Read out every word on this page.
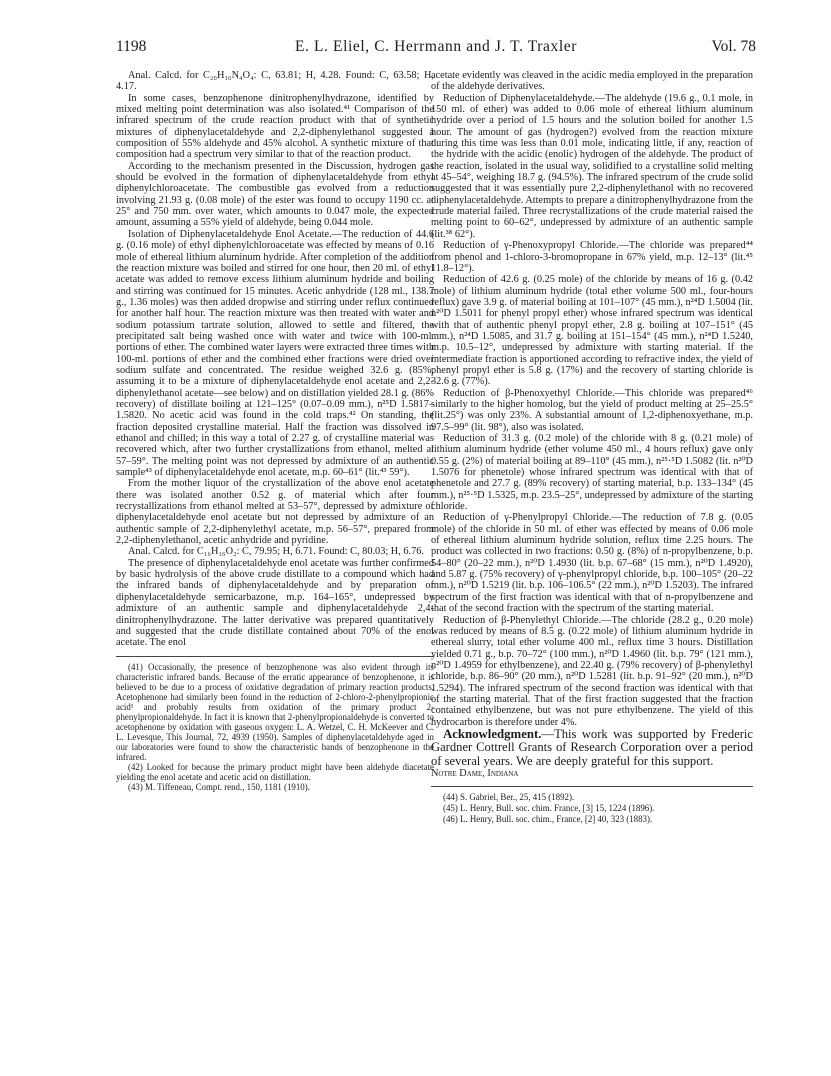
1198	E. L. Eliel, C. Herrmann and J. T. Traxler	Vol. 78

Anal. Calcd. for C₂₀H₁₆N₄O₄: C, 63.81; H, 4.28. Found: C, 63.58; H, 4.17.

In some cases, benzophenone dinitrophenylhydrazone, identified by mixed melting point determination was also isolated.⁴¹ Comparison of the infrared spectrum of the crude reaction product with that of synthetic mixtures of diphenylacetaldehyde and 2,2-diphenylethanol suggested a composition of 55% aldehyde and 45% alcohol. A synthetic mixture of that composition had a spectrum very similar to that of the reaction product.

According to the mechanism presented in the Discussion, hydrogen gas should be evolved in the formation of diphenylacetaldehyde from ethyl diphenylchloroacetate. The combustible gas evolved from a reduction involving 21.93 g. (0.08 mole) of the ester was found to occupy 1190 cc. at 25° and 750 mm. over water, which amounts to 0.047 mole, the expected amount, assuming a 55% yield of aldehyde, being 0.044 mole.

Isolation of Diphenylacetaldehyde Enol Acetate.—The reduction of 44.6 g. (0.16 mole) of ethyl diphenylchloroacetate was effected by means of 0.16 mole of ethereal lithium aluminum hydride. After completion of the addition the reaction mixture was boiled and stirred for one hour, then 20 ml. of ethyl acetate was added to remove excess lithium aluminum hydride and boiling and stirring was continued for 15 minutes. Acetic anhydride (128 ml., 138.7 g., 1.36 moles) was then added dropwise and stirring under reflux continued for another half hour. The reaction mixture was then treated with water and sodium potassium tartrate solution, allowed to settle and filtered, the precipitated salt being washed once with water and twice with 100-ml. portions of ether. The combined water layers were extracted three times with 100-ml. portions of ether and the combined ether fractions were dried over sodium sulfate and concentrated. The residue weighed 32.6 g. (85%, assuming it to be a mixture of diphenylacetaldehyde enol acetate and 2,2-diphenylethanol acetate—see below) and on distillation yielded 28.1 g. (86% recovery) of distillate boiling at 121–125° (0.07–0.09 mm.), n²⁵D 1.5817–1.5820. No acetic acid was found in the cold traps.⁴² On standing, the fraction deposited crystalline material. Half the fraction was dissolved in ethanol and chilled; in this way a total of 2.27 g. of crystalline material was recovered which, after two further crystallizations from ethanol, melted at 57–59°. The melting point was not depressed by admixture of an authentic sample⁴³ of diphenylacetaldehyde enol acetate, m.p. 60–61° (lit.⁴³ 59°).

From the mother liquor of the crystallization of the above enol acetate there was isolated another 0.52 g. of material which after four recrystallizations from ethanol melted at 53–57°, depressed by admixture of diphenylacetaldehyde enol acetate but not depressed by admixture of an authentic sample of 2,2-diphenylethyl acetate, m.p. 56–57°, prepared from 2,2-diphenylethanol, acetic anhydride and pyridine.

Anal. Calcd. for C₁₆H₁₆O₂: C, 79.95; H, 6.71. Found: C, 80.03; H, 6.76.

The presence of diphenylacetaldehyde enol acetate was further confirmed by basic hydrolysis of the above crude distillate to a compound which had the infrared bands of diphenylacetaldehyde and by preparation of diphenylacetaldehyde semicarbazone, m.p. 164–165°, undepressed by admixture of an authentic sample and diphenylacetaldehyde 2,4-dinitrophenylhydrazone. The latter derivative was prepared quantitatively and suggested that the crude distillate contained about 70% of the enol acetate. The enol

(41) Occasionally, the presence of benzophenone was also evident through its characteristic infrared bands. Because of the erratic appearance of benzophenone, it is believed to be due to a process of oxidative degradation of primary reaction products. Acetophenone had similarly been found in the reduction of 2-chloro-2-phenylpropionic acid¹ and probably results from oxidation of the primary product 2-phenylpropionaldehyde. In fact it is known that 2-phenylpropionaldehyde is converted to acetophenone by oxidation with gaseous oxygen: L. A. Wetzel, C. H. McKeever and C. L. Levesque, This Journal, 72, 4939 (1950). Samples of diphenylacetaldehyde aged in our laboratories were found to show the characteristic bands of benzophenone in the infrared.

(42) Looked for because the primary product might have been aldehyde diacetate yielding the enol acetate and acetic acid on distillation.

(43) M. Tiffeneau, Compt. rend., 150, 1181 (1910).

acetate evidently was cleaved in the acidic media employed in the preparation of the aldehyde derivatives.

Reduction of Diphenylacetaldehyde.—The aldehyde (19.6 g., 0.1 mole, in 150 ml. of ether) was added to 0.06 mole of ethereal lithium aluminum hydride over a period of 1.5 hours and the solution boiled for another 1.5 hour. The amount of gas (hydrogen?) evolved from the reaction mixture during this time was less than 0.01 mole, indicating little, if any, reaction of the hydride with the acidic (enolic) hydrogen of the aldehyde. The product of the reaction, isolated in the usual way, solidified to a crystalline solid melting at 45–54°, weighing 18.7 g. (94.5%). The infrared spectrum of the crude solid suggested that it was essentially pure 2,2-diphenylethanol with no recovered diphenylacetaldehyde. Attempts to prepare a dinitrophenylhydrazone from the crude material failed. Three recrystallizations of the crude material raised the melting point to 60–62°, undepressed by admixture of an authentic sample (lit.³⁸ 62°).

Reduction of γ-Phenoxypropyl Chloride.—The chloride was prepared⁴⁴ from phenol and 1-chloro-3-bromopropane in 67% yield, m.p. 12–13° (lit.⁴⁵ 11.8–12°).

Reduction of 42.6 g. (0.25 mole) of the chloride by means of 16 g. (0.42 mole) of lithium aluminum hydride (total ether volume 500 ml., four-hours reflux) gave 3.9 g. of material boiling at 101–107° (45 mm.), n²⁴D 1.5004 (lit. n²⁰D 1.5011 for phenyl propyl ether) whose infrared spectrum was identical with that of authentic phenyl propyl ether, 2.8 g. boiling at 107–151° (45 mm.), n²⁴D 1.5085, and 31.7 g. boiling at 151–154° (45 mm.), n²⁴D 1.5240, m.p. 10.5–12°, undepressed by admixture with starting material. If the intermediate fraction is apportioned according to refractive index, the yield of phenyl propyl ether is 5.8 g. (17%) and the recovery of starting chloride is 32.6 g. (77%).

Reduction of β-Phenoxyethyl Chloride.—This chloride was prepared⁴⁶ similarly to the higher homolog, but the yield of product melting at 25–25.5° (lit.25°) was only 23%. A substantial amount of 1,2-diphenoxyethane, m.p. 97.5–99° (lit. 98°), also was isolated.

Reduction of 31.3 g. (0.2 mole) of the chloride with 8 g. (0.21 mole) of lithium aluminum hydride (ether volume 450 ml., 4 hours reflux) gave only 0.55 g. (2%) of material boiling at 89–110° (45 mm.), n²⁵·⁵D 1.5082 (lit. n²⁰D 1.5076 for phenetole) whose infrared spectrum was identical with that of phenetole and 27.7 g. (89% recovery) of starting material, b.p. 133–134° (45 mm.), n²⁵·⁵D 1.5325, m.p. 23.5–25°, undepressed by admixture of the starting chloride.

Reduction of γ-Phenylpropyl Chloride.—The reduction of 7.8 g. (0.05 mole) of the chloride in 50 ml. of ether was effected by means of 0.06 mole of ethereal lithium aluminum hydride solution, reflux time 2.25 hours. The product was collected in two fractions: 0.50 g. (8%) of n-propylbenzene, b.p. 54–80° (20–22 mm.), n²⁰D 1.4930 (lit. b.p. 67–68° (15 mm.), n²⁰D 1.4920), and 5.87 g. (75% recovery) of γ-phenylpropyl chloride, b.p. 100–105° (20–22 mm.), n²⁰D 1.5219 (lit. b.p. 106–106.5° (22 mm.), n²⁰D 1.5203). The infrared spectrum of the first fraction was identical with that of n-propylbenzene and that of the second fraction with the spectrum of the starting material.

Reduction of β-Phenylethyl Chloride.—The chloride (28.2 g., 0.20 mole) was reduced by means of 8.5 g. (0.22 mole) of lithium aluminum hydride in ethereal slurry, total ether volume 400 ml., reflux time 3 hours. Distillation yielded 0.71 g., b.p. 70–72° (100 mm.), n²⁰D 1.4960 (lit. b.p. 79° (121 mm.), n²⁰D 1.4959 for ethylbenzene), and 22.40 g. (79% recovery) of β-phenylethyl chloride, b.p. 86–90° (20 mm.), n²⁰D 1.5281 (lit. b.p. 91–92° (20 mm.), n²⁰D 1.5294). The infrared spectrum of the second fraction was identical with that of the starting material. That of the first fraction suggested that the fraction contained ethylbenzene, but was not pure ethylbenzene. The yield of this hydrocarbon is therefore under 4%.

Acknowledgment.—This work was supported by Frederic Gardner Cottrell Grants of Research Corporation over a period of several years. We are deeply grateful for this support.

Notre Dame, Indiana

(44) S. Gabriel, Ber., 25, 415 (1892).

(45) L. Henry, Bull. soc. chim. France, [3] 15, 1224 (1896).

(46) L. Henry, Bull. soc. chim., France, [2] 40, 323 (1883).
